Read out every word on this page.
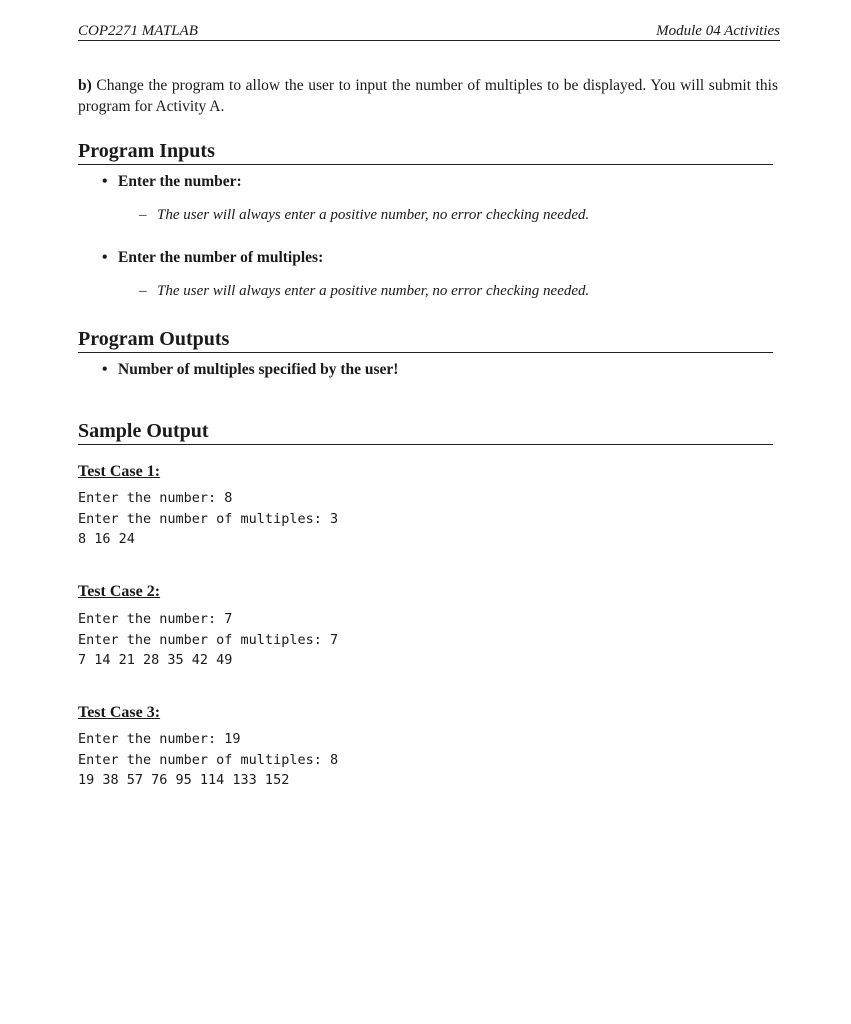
COP2271 MATLAB	Module 04 Activities
b) Change the program to allow the user to input the number of multiples to be displayed. You will submit this program for Activity A.
Program Inputs
• Enter the number:
– The user will always enter a positive number, no error checking needed.
• Enter the number of multiples:
– The user will always enter a positive number, no error checking needed.
Program Outputs
• Number of multiples specified by the user!
Sample Output
Test Case 1:
Enter the number: 8
Enter the number of multiples: 3
8 16 24
Test Case 2:
Enter the number: 7
Enter the number of multiples: 7
7 14 21 28 35 42 49
Test Case 3:
Enter the number: 19
Enter the number of multiples: 8
19 38 57 76 95 114 133 152
